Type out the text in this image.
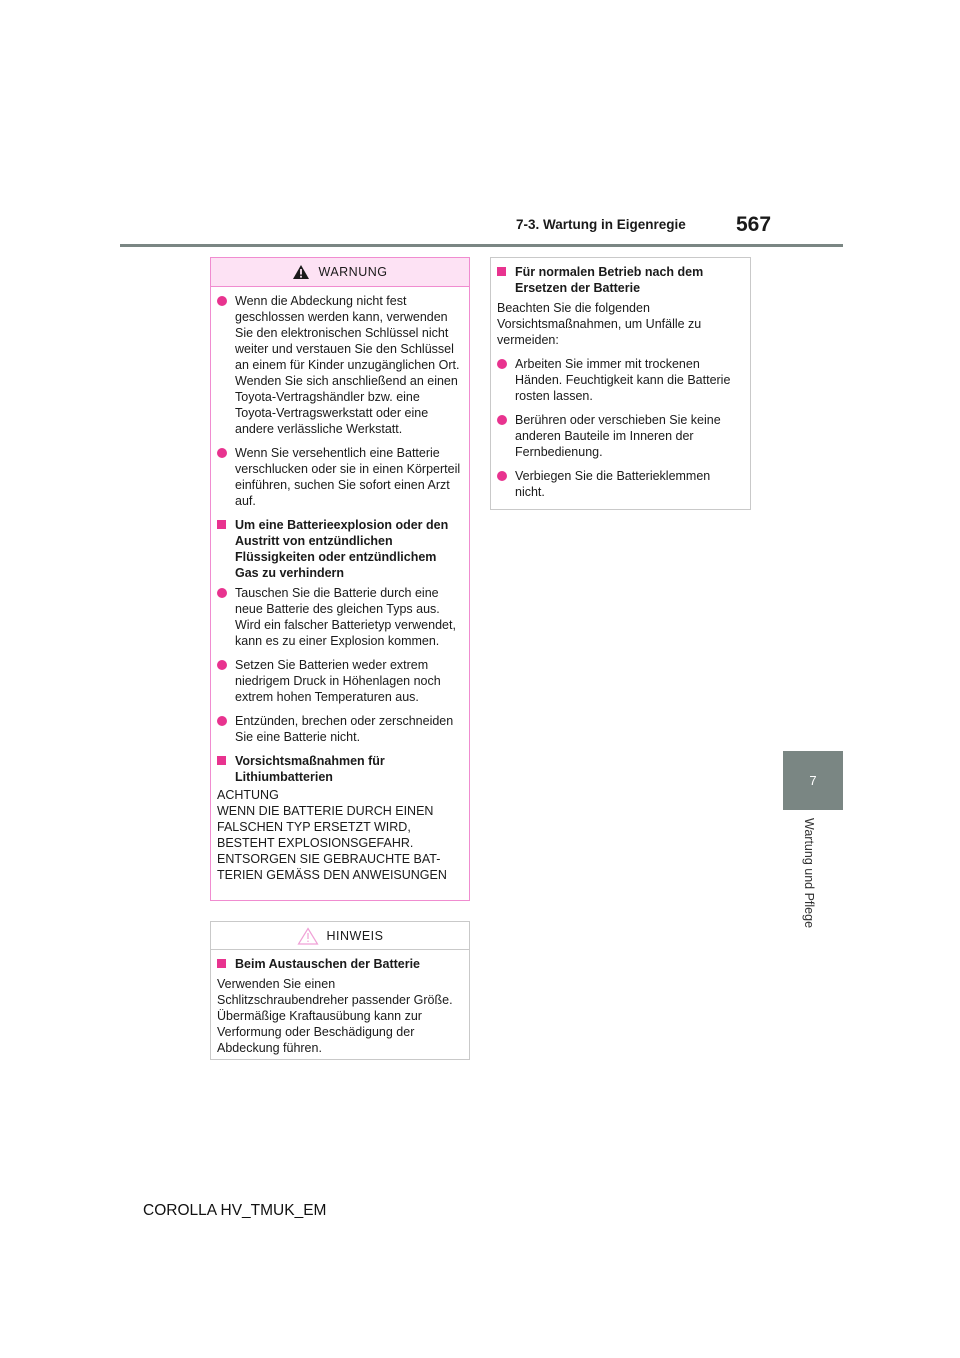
7-3. Wartung in Eigenregie 567
7
Wartung und Pflege
WARNUNG
Wenn die Abdeckung nicht fest geschlossen werden kann, verwenden Sie den elektronischen Schlüssel nicht weiter und verstauen Sie den Schlüssel an einem für Kinder unzugänglichen Ort. Wenden Sie sich anschließend an einen Toyota-Vertragshändler bzw. eine Toyota-Vertragswerkstatt oder eine andere verlässliche Werkstatt.
Wenn Sie versehentlich eine Batterie verschlucken oder sie in einen Körperteil einführen, suchen Sie sofort einen Arzt auf.
Um eine Batterieexplosion oder den Austritt von entzündlichen Flüssigkeiten oder entzündlichem Gas zu verhindern
Tauschen Sie die Batterie durch eine neue Batterie des gleichen Typs aus. Wird ein falscher Batterietyp verwendet, kann es zu einer Explosion kommen.
Setzen Sie Batterien weder extrem niedrigem Druck in Höhenlagen noch extrem hohen Temperaturen aus.
Entzünden, brechen oder zerschneiden Sie eine Batterie nicht.
Vorsichtsmaßnahmen für Lithiumbatterien
ACHTUNG
WENN DIE BATTERIE DURCH EINEN
FALSCHEN TYP ERSETZT WIRD,
BESTEHT EXPLOSIONSGEFAHR.
ENTSORGEN SIE GEBRAUCHTE BAT-
TERIEN GEMÄSS DEN ANWEISUNGEN
HINWEIS
Beim Austauschen der Batterie
Verwenden Sie einen Schlitzschraubendreher passender Größe. Übermäßige Kraftausübung kann zur Verformung oder Beschädigung der Abdeckung führen.
Für normalen Betrieb nach dem Ersetzen der Batterie
Beachten Sie die folgenden Vorsichtsmaßnahmen, um Unfälle zu vermeiden:
Arbeiten Sie immer mit trockenen Händen. Feuchtigkeit kann die Batterie rosten lassen.
Berühren oder verschieben Sie keine anderen Bauteile im Inneren der Fernbedienung.
Verbiegen Sie die Batterieklemmen nicht.
COROLLA HV_TMUK_EM
